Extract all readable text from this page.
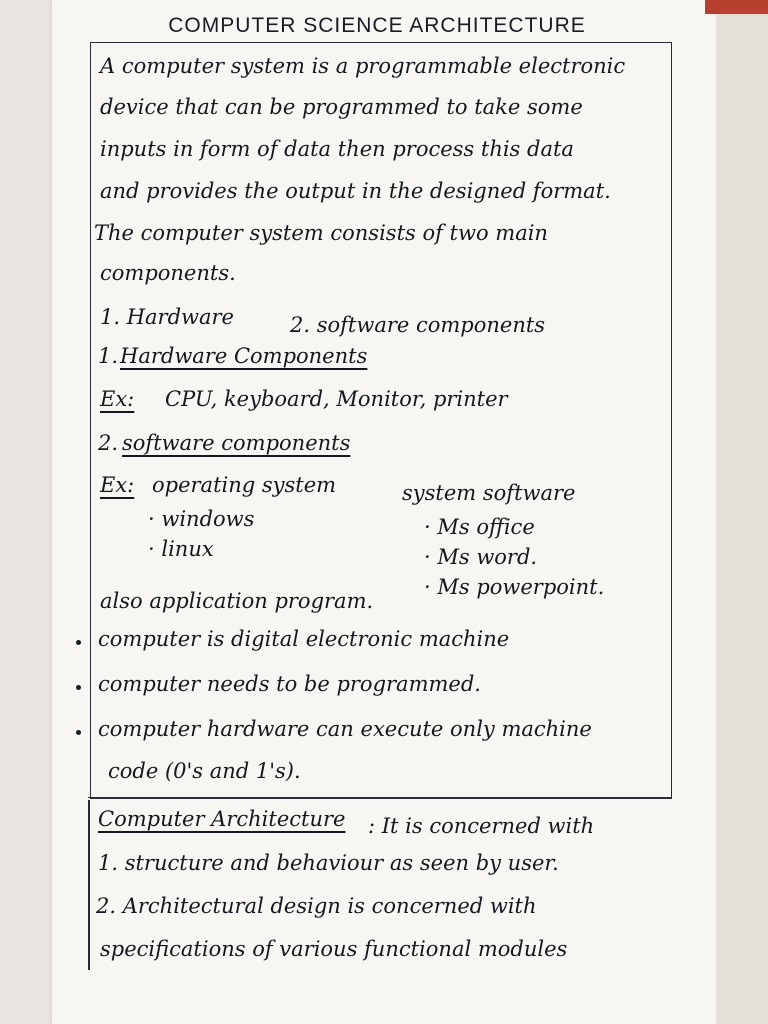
COMPUTER SCIENCE ARCHITECTURE
A computer system is a programmable electronic
device that can be programmed to take some
inputs in form of data then process this data
and provides the output in the designed format.
The computer system consists of two main
components.
1. Hardware	2. software components
1. Hardware Components
Ex: CPU, keyboard, Monitor, printer
2. software components
Ex: operating system	system software
· windows
· linux
· Ms office
· Ms word.
· Ms powerpoint.
also application program.
computer is digital electronic machine
computer needs to be programmed.
computer hardware can execute only machine
code (0's and 1's).
Computer Architecture : It is concerned with
1. structure and behaviour as seen by user.
2. Architectural design is concerned with
specifications of various functional modules
